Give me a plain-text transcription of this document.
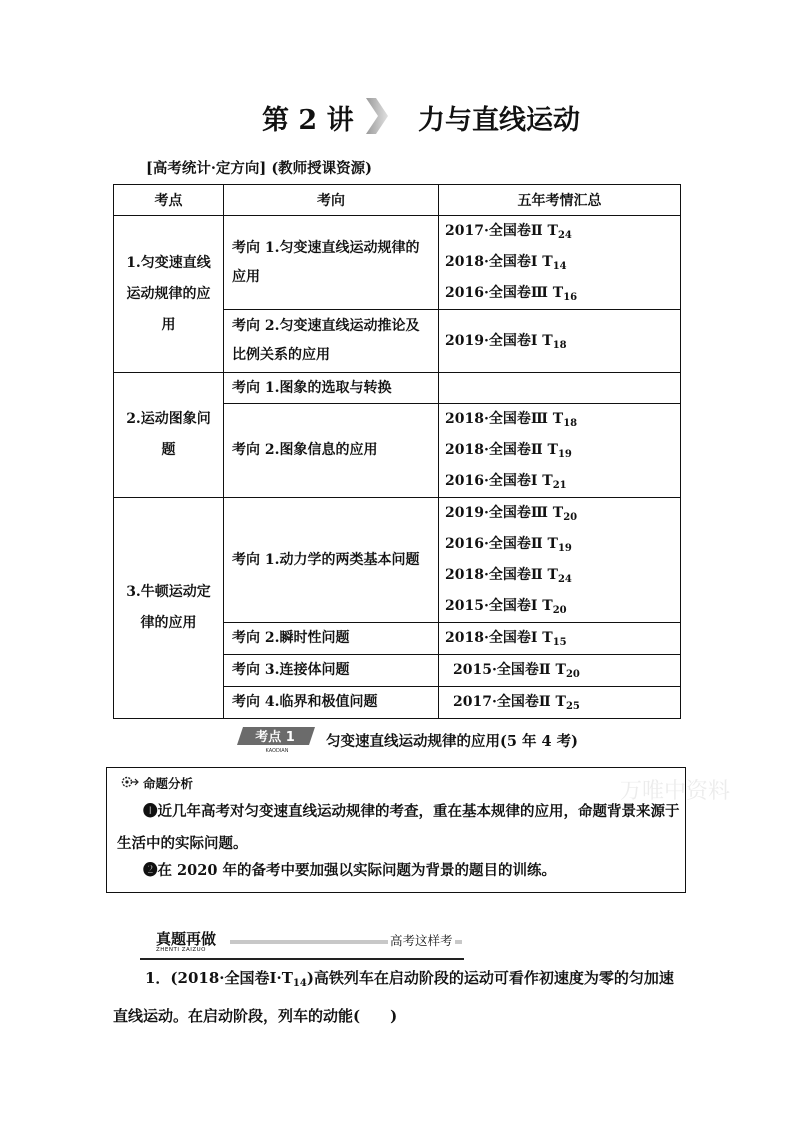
第 2 讲 力与直线运动
[高考统计·定方向] (教师授课资源)
考点	考向	五年考情汇总
1.匀变速直线运动规律的应用	考向 1.匀变速直线运动规律的应用	2017·全国卷Ⅱ $T_{24}$
2018·全国卷Ⅰ $T_{14}$
2016·全国卷Ⅲ $T_{16}$

	考向 2.匀变速直线运动推论及比例关系的应用	2019·全国卷Ⅰ $T_{18}$

2.运动图象问题	考向 1.图象的选取与转换	
	考向 2.图象信息的应用	2018·全国卷Ⅲ $T_{18}$
2018·全国卷Ⅱ $T_{19}$
2016·全国卷Ⅰ $T_{21}$

3.牛顿运动定律的应用	考向 1.动力学的两类基本问题	2019·全国卷Ⅲ $T_{20}$
2016·全国卷Ⅱ $T_{19}$
2018·全国卷Ⅱ $T_{24}$
2015·全国卷Ⅰ $T_{20}$

	考向 2.瞬时性问题	2018·全国卷Ⅰ $T_{15}$

	考向 3.连接体问题	2015·全国卷Ⅱ $T_{20}$

	考向 4.临界和极值问题	2017·全国卷Ⅱ $T_{25}$
考点 1
KAODIAN
匀变速直线运动规律的应用(5 年 4 考)
万唯中资料
命题分析
❶近几年高考对匀变速直线运动规律的考查，重在基本规律的应用，命题背景来源于生活中的实际问题。
❷在 2020 年的备考中要加强以实际问题为背景的题目的训练。
真题再做
ZHENTI ZAIZUO
高考这样考
1．(2018·全国卷$Ⅰ\cdot T_{14}$)高铁列车在启动阶段的运动可看作初速度为零的匀加速直线运动。在启动阶段，列车的动能(　　)
